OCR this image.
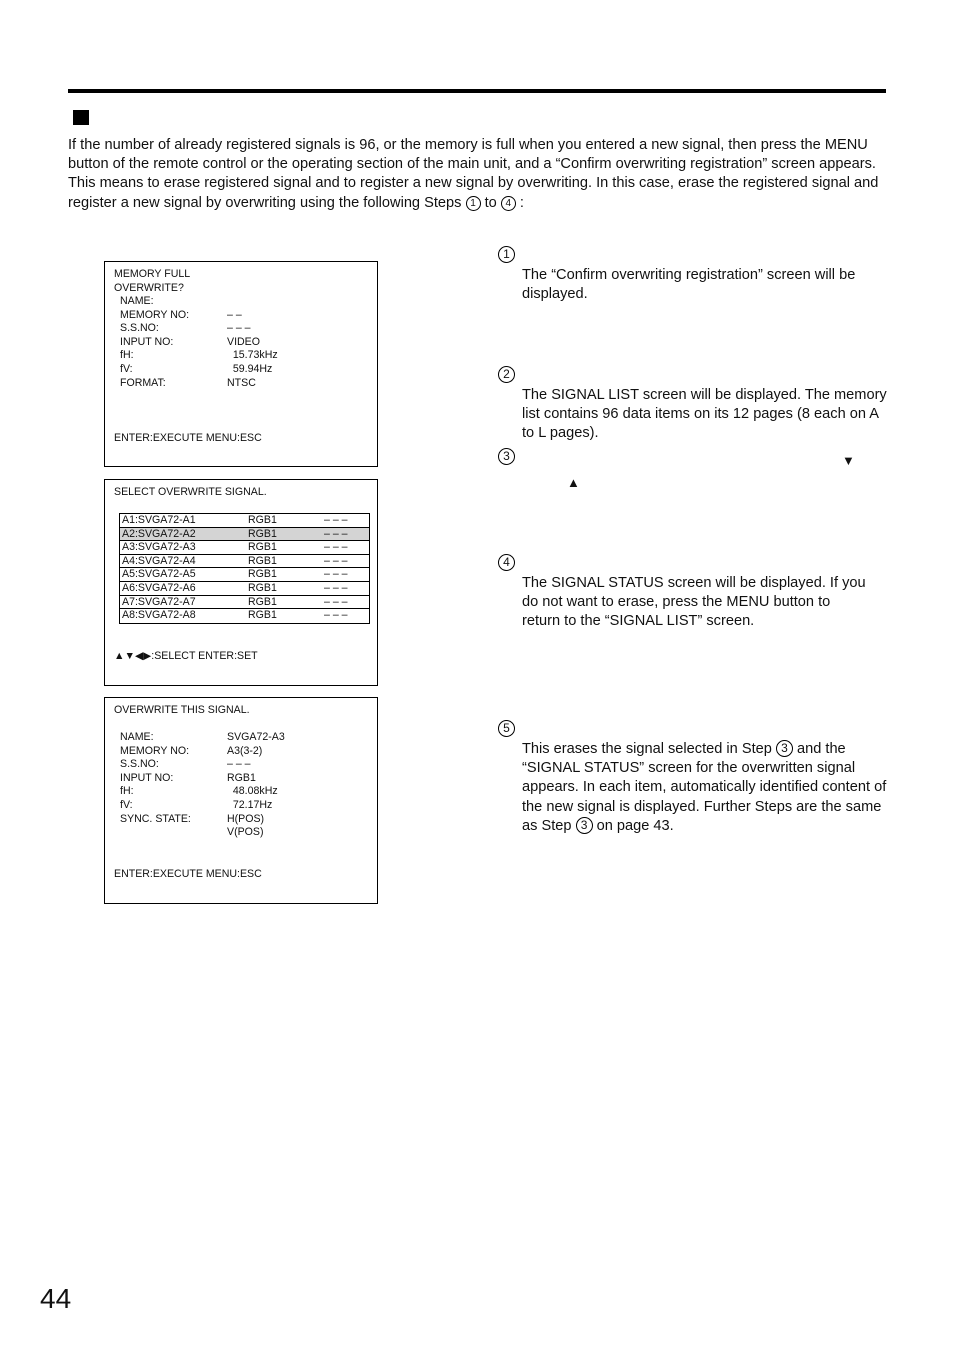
If the number of already registered signals is 96, or the memory is full when you entered a new signal, then press the MENU button of the remote control or the operating section of the main unit, and a “Confirm overwriting registration” screen appears. This means to erase registered signal and to register a new signal by overwriting. In this case, erase the registered signal and register a new signal by overwriting using the following Steps 1 to 4 :
MEMORY FULL
OVERWRITE?
NAME:
MEMORY NO:	– –
S.S.NO:	– – –
INPUT NO:	VIDEO
fH:	15.73kHz
fV:	59.94Hz
FORMAT:	NTSC
ENTER:EXECUTE MENU:ESC
SELECT OVERWRITE SIGNAL.
A1:SVGA72-A1	RGB1	– – –
A2:SVGA72-A2	RGB1	– – –
A3:SVGA72-A3	RGB1	– – –
A4:SVGA72-A4	RGB1	– – –
A5:SVGA72-A5	RGB1	– – –
A6:SVGA72-A6	RGB1	– – –
A7:SVGA72-A7	RGB1	– – –
A8:SVGA72-A8	RGB1	– – –
▲▼◀▶:SELECT ENTER:SET
OVERWRITE THIS SIGNAL.
NAME:	SVGA72-A3
MEMORY NO:	A3(3-2)
S.S.NO:	– – –
INPUT NO:	RGB1
fH:	48.08kHz
fV:	72.17Hz
SYNC. STATE:	H(POS)
V(POS)
ENTER:EXECUTE MENU:ESC
1
The “Confirm overwriting registration” screen will be displayed.
2
The SIGNAL LIST screen will be displayed. The memory list contains 96 data items on its 12 pages (8 each on A to L pages).
3	▼
▲
4
The SIGNAL STATUS screen will be displayed. If you do not want to erase, press the MENU button to return to the “SIGNAL LIST” screen.
5
This erases the signal selected in Step 3 and the “SIGNAL STATUS” screen for the overwritten signal appears. In each item, automatically identified content of the new signal is displayed. Further Steps are the same as Step 3 on page 43.
44
